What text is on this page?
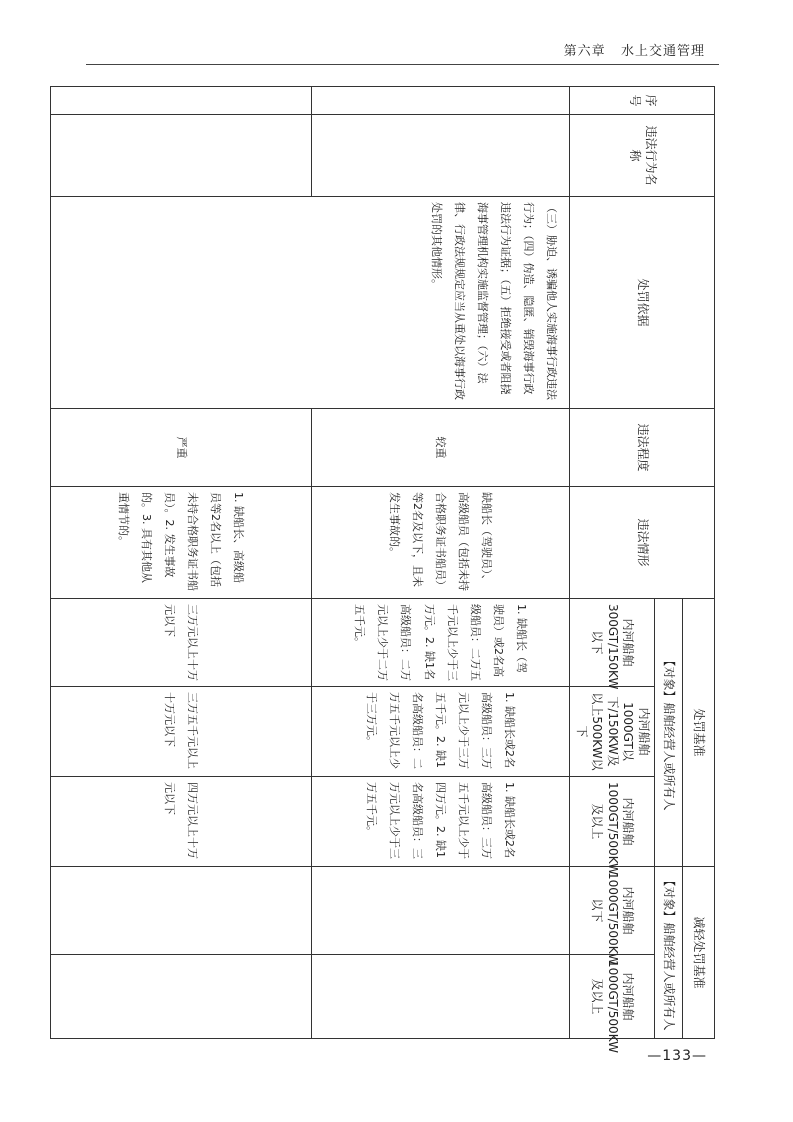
第六章 水上交通管理
序号	违法行为名称	处罚依据	违法程度	违法情形	处罚基准			减轻处罚基准	
					【对象】船舶经营人或所有人			【对象】船舶经营人或所有人	
					内河船舶300GT/150KW以下	内河船舶1000GT以下/150KW及以上500KW以下	内河船舶1000GT/500KW及以上	内河船舶1000GT/500KW以下	内河船舶1000GT/500KW及以上
		（三）胁迫、诱骗他人实施海事行政违法行为；（四）伪造、隐匿、销毁海事行政违法行为证据；（五）拒绝接受或者阻挠海事管理机构实施监督管理；（六）法律、行政法规规定应当从重处以海事行政处罚的其他情形。	较重	缺船长（驾驶员）、高级船员（包括未持合格职务证书船员）等2名及以下，且未发生事故的。	1. 缺船长（驾驶员）或2名高级船员：二万五千元以上少于三万元。2. 缺1名高级船员：二万元以上少于二万五千元。	1. 缺船长或2名高级船员：三万元以上少于三万五千元。2. 缺1名高级船员：二万五千元以上少于三万元。	1. 缺船长或2名高级船员：三万五千元以上少于四万元。2. 缺1名高级船员：三万元以上少于三万五千元。		
			严重	1. 缺船长、高级船员等2名以上（包括未持合格职务证书船员）。2. 发生事故的。3. 具有其他从重情节的。	三万元以上十万元以下	三万五千元以上十万元以下	四万元以上十万元以下		
—133—
